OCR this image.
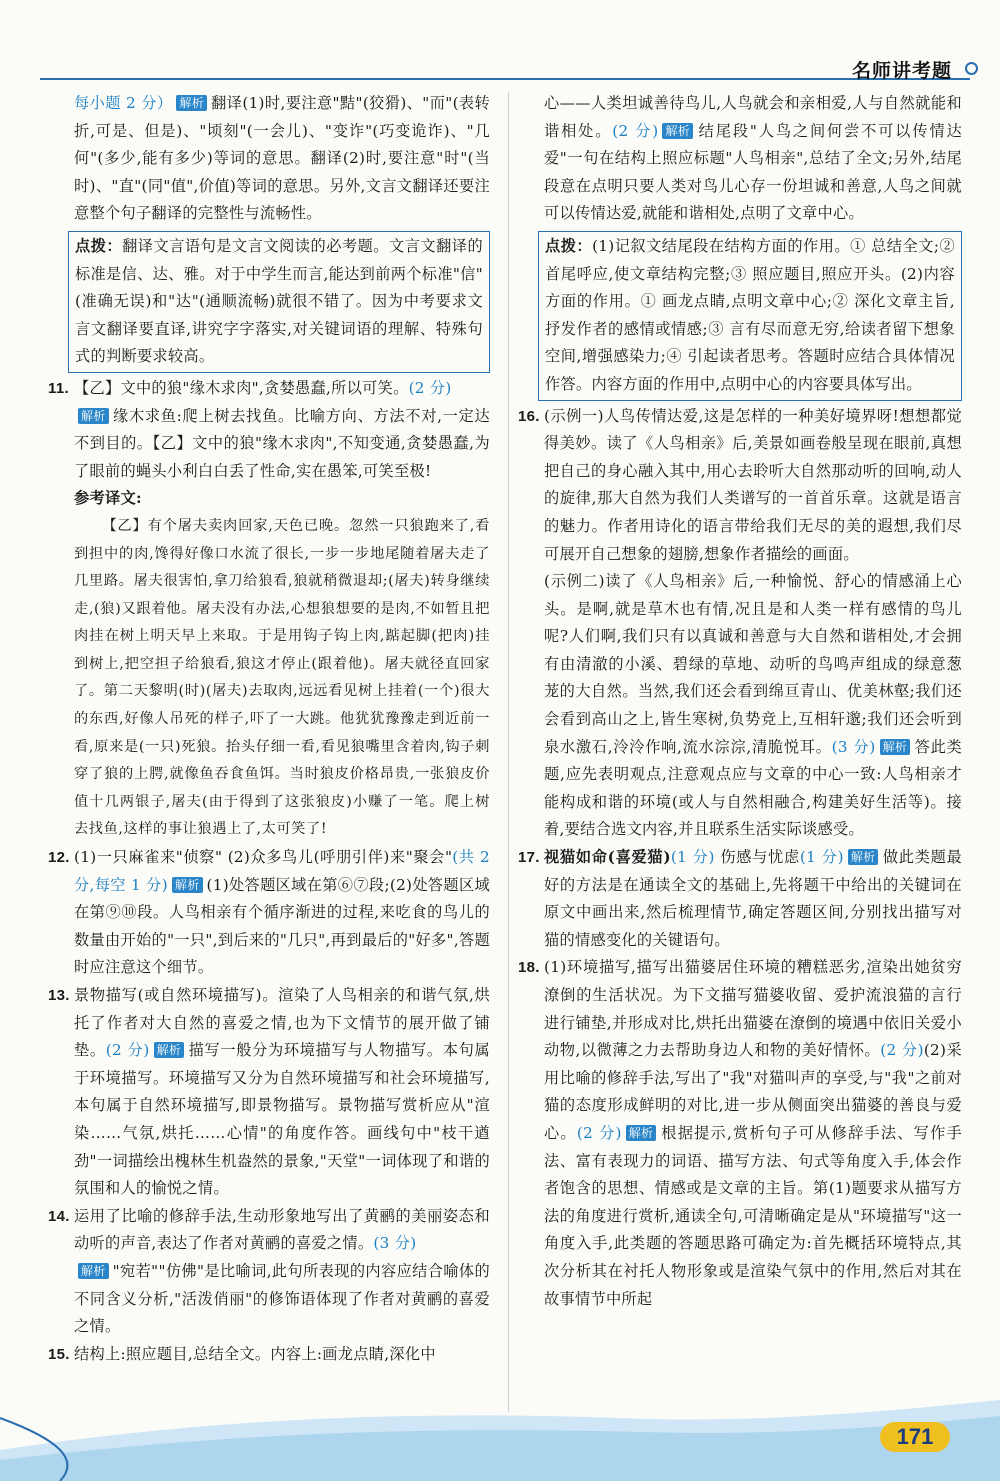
名师讲考题

每小题 2 分） 解析 翻译(1)时,要注意"黠"(狡猾)、"而"(表转折,可是、但是)、"顷刻"(一会儿)、"变诈"(巧变诡诈)、"几何"(多少,能有多少)等词的意思。翻译(2)时,要注意"时"(当时)、"直"(同"值",价值)等词的意思。另外,文言文翻译还要注意整个句子翻译的完整性与流畅性。

点拨：翻译文言语句是文言文阅读的必考题。文言文翻译的标准是信、达、雅。对于中学生而言,能达到前两个标准"信"(准确无误)和"达"(通顺流畅)就很不错了。因为中考要求文言文翻译要直译,讲究字字落实,对关键词语的理解、特殊句式的判断要求较高。
11. 【乙】文中的狼"缘木求肉",贪婪愚蠢,所以可笑。(2 分)

解析 缘木求鱼:爬上树去找鱼。比喻方向、方法不对,一定达不到目的。【乙】文中的狼"缘木求肉",不知变通,贪婪愚蠢,为了眼前的蝇头小利白白丢了性命,实在愚笨,可笑至极!

参考译文:

【乙】有个屠夫卖肉回家,天色已晚。忽然一只狼跑来了,看到担中的肉,馋得好像口水流了很长,一步一步地尾随着屠夫走了几里路。屠夫很害怕,拿刀给狼看,狼就稍微退却;(屠夫)转身继续走,(狼)又跟着他。屠夫没有办法,心想狼想要的是肉,不如暂且把肉挂在树上明天早上来取。于是用钩子钩上肉,踮起脚(把肉)挂到树上,把空担子给狼看,狼这才停止(跟着他)。屠夫就径直回家了。第二天黎明(时)(屠夫)去取肉,远远看见树上挂着(一个)很大的东西,好像人吊死的样子,吓了一大跳。他犹犹豫豫走到近前一看,原来是(一只)死狼。抬头仔细一看,看见狼嘴里含着肉,钩子刺穿了狼的上腭,就像鱼吞食鱼饵。当时狼皮价格昂贵,一张狼皮价值十几两银子,屠夫(由于得到了这张狼皮)小赚了一笔。爬上树去找鱼,这样的事让狼遇上了,太可笑了!

12. (1)一只麻雀来"侦察" (2)众多鸟儿(呼朋引伴)来"聚会"(共 2 分,每空 1 分) 解析 (1)处答题区域在第⑥⑦段;(2)处答题区域在第⑨⑩段。人鸟相亲有个循序渐进的过程,来吃食的鸟儿的数量由开始的"一只",到后来的"几只",再到最后的"好多",答题时应注意这个细节。

13. 景物描写(或自然环境描写)。渲染了人鸟相亲的和谐气氛,烘托了作者对大自然的喜爱之情,也为下文情节的展开做了铺垫。(2 分) 解析 描写一般分为环境描写与人物描写。本句属于环境描写。环境描写又分为自然环境描写和社会环境描写,本句属于自然环境描写,即景物描写。景物描写赏析应从"渲染……气氛,烘托……心情"的角度作答。画线句中"枝干遒劲"一词描绘出槐林生机盎然的景象,"天堂"一词体现了和谐的氛围和人的愉悦之情。

14. 运用了比喻的修辞手法,生动形象地写出了黄鹂的美丽姿态和动听的声音,表达了作者对黄鹂的喜爱之情。(3 分)

解析 "宛若""仿佛"是比喻词,此句所表现的内容应结合喻体的不同含义分析,"活泼俏丽"的修饰语体现了作者对黄鹂的喜爱之情。

15. 结构上:照应题目,总结全文。内容上:画龙点睛,深化中

心——人类坦诚善待鸟儿,人鸟就会和亲相爱,人与自然就能和谐相处。(2 分) 解析 结尾段"人鸟之间何尝不可以传情达爱"一句在结构上照应标题"人鸟相亲",总结了全文;另外,结尾段意在点明只要人类对鸟儿心存一份坦诚和善意,人鸟之间就可以传情达爱,就能和谐相处,点明了文章中心。

点拨：(1)记叙文结尾段在结构方面的作用。① 总结全文;② 首尾呼应,使文章结构完整;③ 照应题目,照应开头。(2)内容方面的作用。① 画龙点睛,点明文章中心;② 深化文章主旨,抒发作者的感情或情感;③ 言有尽而意无穷,给读者留下想象空间,增强感染力;④ 引起读者思考。答题时应结合具体情况作答。内容方面的作用中,点明中心的内容要具体写出。
16. (示例一)人鸟传情达爱,这是怎样的一种美好境界呀!想想都觉得美妙。读了《人鸟相亲》后,美景如画卷般呈现在眼前,真想把自己的身心融入其中,用心去聆听大自然那动听的回响,动人的旋律,那大自然为我们人类谱写的一首首乐章。这就是语言的魅力。作者用诗化的语言带给我们无尽的美的遐想,我们尽可展开自己想象的翅膀,想象作者描绘的画面。

(示例二)读了《人鸟相亲》后,一种愉悦、舒心的情感涌上心头。是啊,就是草木也有情,况且是和人类一样有感情的鸟儿呢?人们啊,我们只有以真诚和善意与大自然和谐相处,才会拥有由清澈的小溪、碧绿的草地、动听的鸟鸣声组成的绿意葱茏的大自然。当然,我们还会看到绵亘青山、优美林壑;我们还会看到高山之上,皆生寒树,负势竞上,互相轩邈;我们还会听到泉水激石,泠泠作响,流水淙淙,清脆悦耳。(3 分) 解析 答此类题,应先表明观点,注意观点应与文章的中心一致:人鸟相亲才能构成和谐的环境(或人与自然相融合,构建美好生活等)。接着,要结合选文内容,并且联系生活实际谈感受。

17. 视猫如命(喜爱猫)(1 分) 伤感与忧虑(1 分) 解析 做此类题最好的方法是在通读全文的基础上,先将题干中给出的关键词在原文中画出来,然后梳理情节,确定答题区间,分别找出描写对猫的情感变化的关键语句。

18. (1)环境描写,描写出猫婆居住环境的糟糕恶劣,渲染出她贫穷潦倒的生活状况。为下文描写猫婆收留、爱护流浪猫的言行进行铺垫,并形成对比,烘托出猫婆在潦倒的境遇中依旧关爱小动物,以微薄之力去帮助身边人和物的美好情怀。(2 分)(2)采用比喻的修辞手法,写出了"我"对猫叫声的享受,与"我"之前对猫的态度形成鲜明的对比,进一步从侧面突出猫婆的善良与爱心。(2 分) 解析 根据提示,赏析句子可从修辞手法、写作手法、富有表现力的词语、描写方法、句式等角度入手,体会作者饱含的思想、情感或是文章的主旨。第(1)题要求从描写方法的角度进行赏析,通读全句,可清晰确定是从"环境描写"这一角度入手,此类题的答题思路可确定为:首先概括环境特点,其次分析其在衬托人物形象或是渲染气氛中的作用,然后对其在故事情节中所起

171
